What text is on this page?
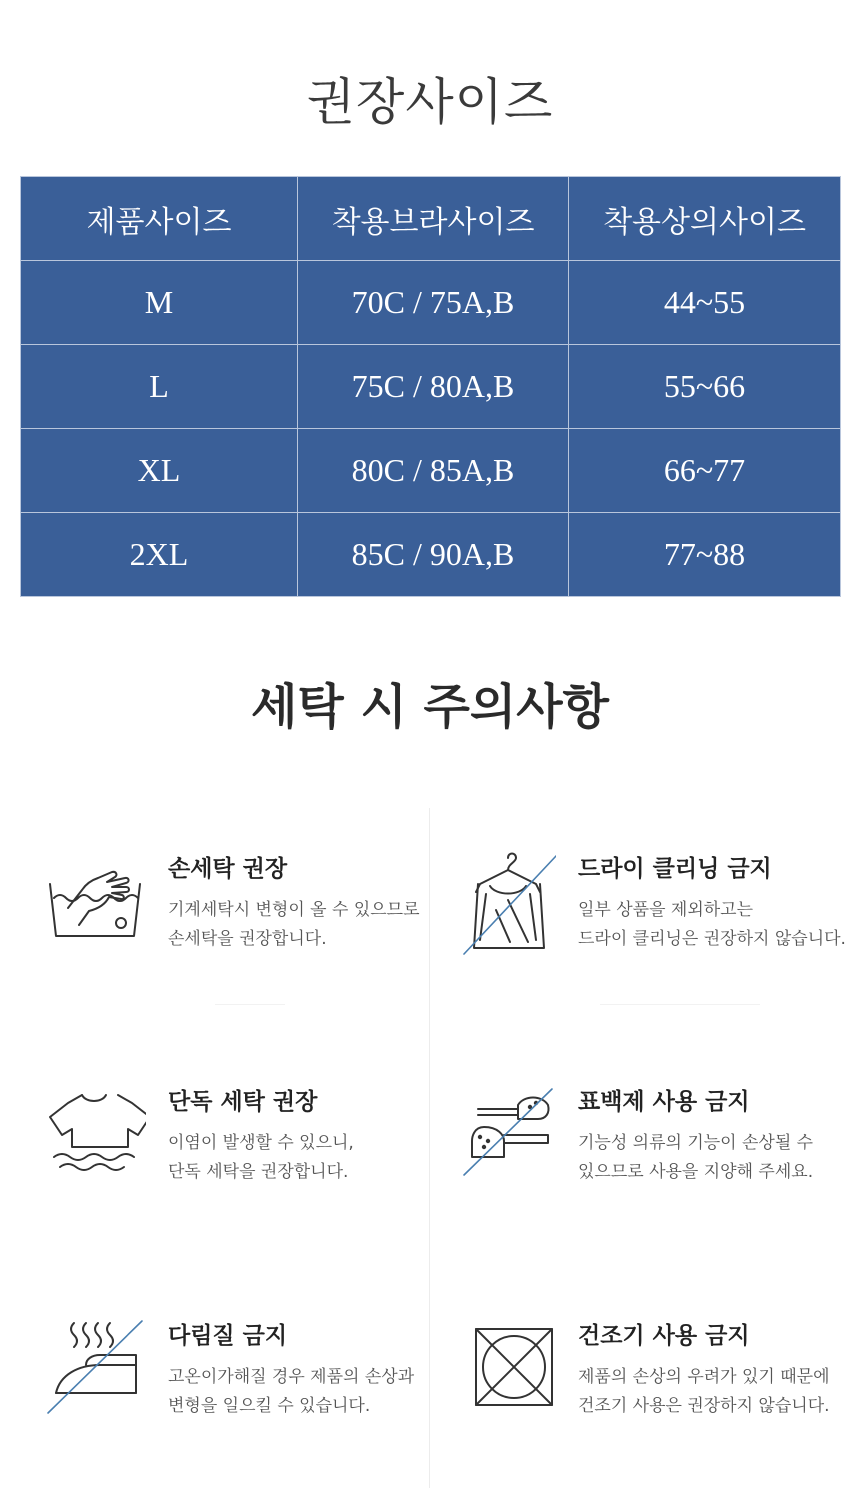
권장사이즈
제품사이즈	착용브라사이즈	착용상의사이즈
M	70C / 75A,B	44~55
L	75C / 80A,B	55~66
XL	80C / 85A,B	66~77
2XL	85C / 90A,B	77~88
세탁 시 주의사항
손세탁 권장
기계세탁시 변형이 올 수 있으므로
손세탁을 권장합니다.
드라이 클리닝 금지
일부 상품을 제외하고는
드라이 클리닝은 권장하지 않습니다.
단독 세탁 권장
이염이 발생할 수 있으니,
단독 세탁을 권장합니다.
표백제 사용 금지
기능성 의류의 기능이 손상될 수
있으므로 사용을 지양해 주세요.
다림질 금지
고온이가해질 경우 제품의 손상과
변형을 일으킬 수 있습니다.
건조기 사용 금지
제품의 손상의 우려가 있기 때문에
건조기 사용은 권장하지 않습니다.
